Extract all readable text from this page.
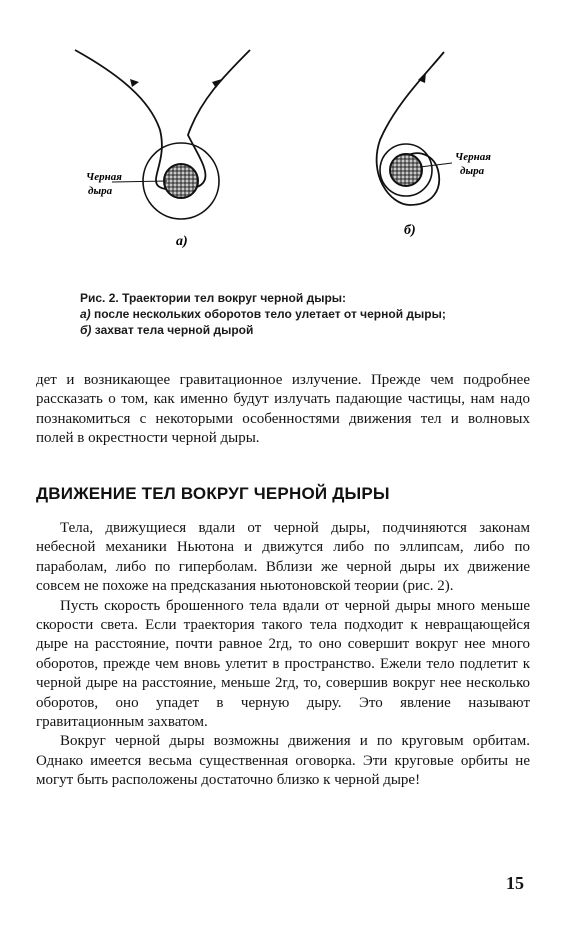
Черная
дыра
а)
Черная
дыра
б)

Рис. 2. Траектории тел вокруг черной дыры:

а) после нескольких оборотов тело улетает от черной дыры;

б) захват тела черной дырой

дет и возникающее гравитационное излучение. Прежде чем подробнее рассказать о том, как именно будут излучать падающие частицы, нам надо познакомиться с некоторыми особенностями движения тел и волновых полей в окрестности черной дыры.

ДВИЖЕНИЕ ТЕЛ ВОКРУГ ЧЕРНОЙ ДЫРЫ

Тела, движущиеся вдали от черной дыры, подчиняются законам небесной механики Ньютона и движутся либо по эллипсам, либо по параболам, либо по гиперболам. Вблизи же черной дыры их движение совсем не похоже на предсказания ньютоновской теории (рис. 2).

Пусть скорость брошенного тела вдали от черной дыры много меньше скорости света. Если траектория такого тела подходит к невращающейся дыре на расстояние, почти равное 2rд, то оно совершит вокруг нее много оборотов, прежде чем вновь улетит в пространство. Ежели тело подлетит к черной дыре на расстояние, меньше 2rд, то, совершив вокруг нее несколько оборотов, оно упадет в черную дыру. Это явление называют гравитационным захватом.

Вокруг черной дыры возможны движения и по круговым орбитам. Однако имеется весьма существенная оговорка. Эти круговые орбиты не могут быть расположены достаточно близко к черной дыре!

15
